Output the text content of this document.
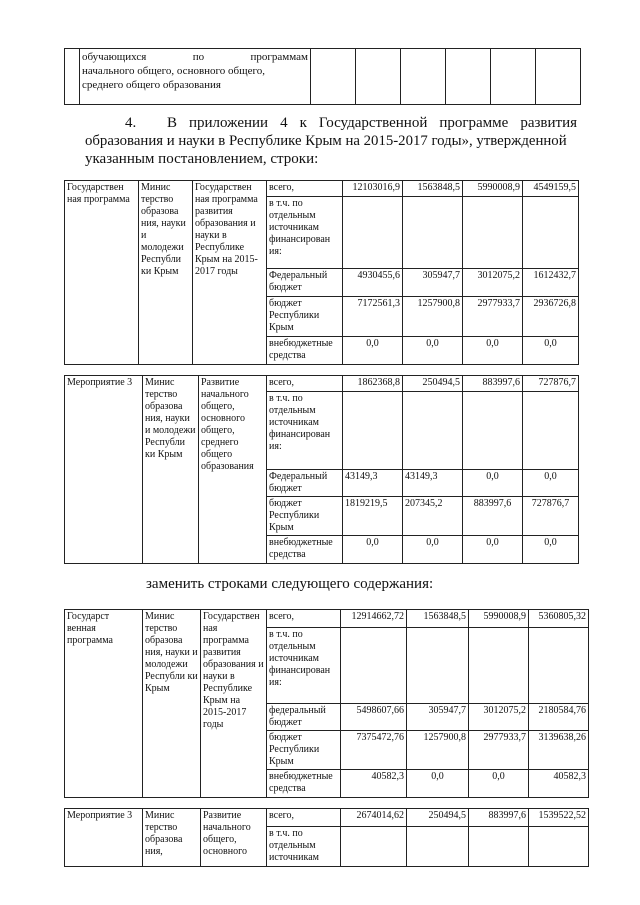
обучающихся по программам
начального общего, основного общего,
среднего общего образования

4.	В приложении 4 к Государственной программе развития
образования и науки в Республике Крым на 2015-2017 годы», утвержденной
указанным постановлением, строки:
Государствен ная программа	Минис терство образова ния, науки и молодежи Республи ки Крым	Государствен ная программа развития образования и науки в Республике Крым на 2015-2017 годы	всего,	12103016,9	1563848,5	5990008,9	4549159,5
			в т.ч. по отдельным источникам финансирован ия:				
			Федеральный бюджет	4930455,6	305947,7	3012075,2	1612432,7
			бюджет Республики Крым	7172561,3	1257900,8	2977933,7	2936726,8
			внебюджетные средства	0,0	0,0	0,0	0,0
Мероприятие 3	Минис терство образова ния, науки и молодежи Республи ки Крым	Развитие начального общего, основного общего, среднего общего образования	всего,	1862368,8	250494,5	883997,6	727876,7
			в т.ч. по отдельным источникам финансирован ия:				
			Федеральный бюджет	43149,3	43149,3	0,0	0,0
			бюджет Республики Крым	1819219,5	207345,2	883997,6	727876,7
			внебюджетные средства	0,0	0,0	0,0	0,0
заменить строками следующего содержания:
Государст венная программа	Минис терство образова ния, науки и молодежи Республи ки Крым	Государствен ная программа развития образования и науки в Республике Крым на 2015-2017 годы	всего,	12914662,72	1563848,5	5990008,9	5360805,32
			в т.ч. по отдельным источникам финансирован ия:				
			федеральный бюджет	5498607,66	305947,7	3012075,2	2180584,76
			бюджет Республики Крым	7375472,76	1257900,8	2977933,7	3139638,26
			внебюджетные средства	40582,3	0,0	0,0	40582,3
Мероприятие 3	Минис терство образова ния,	Развитие начального общего, основного	всего,	2674014,62	250494,5	883997,6	1539522,52
			в т.ч. по отдельным источникам				
